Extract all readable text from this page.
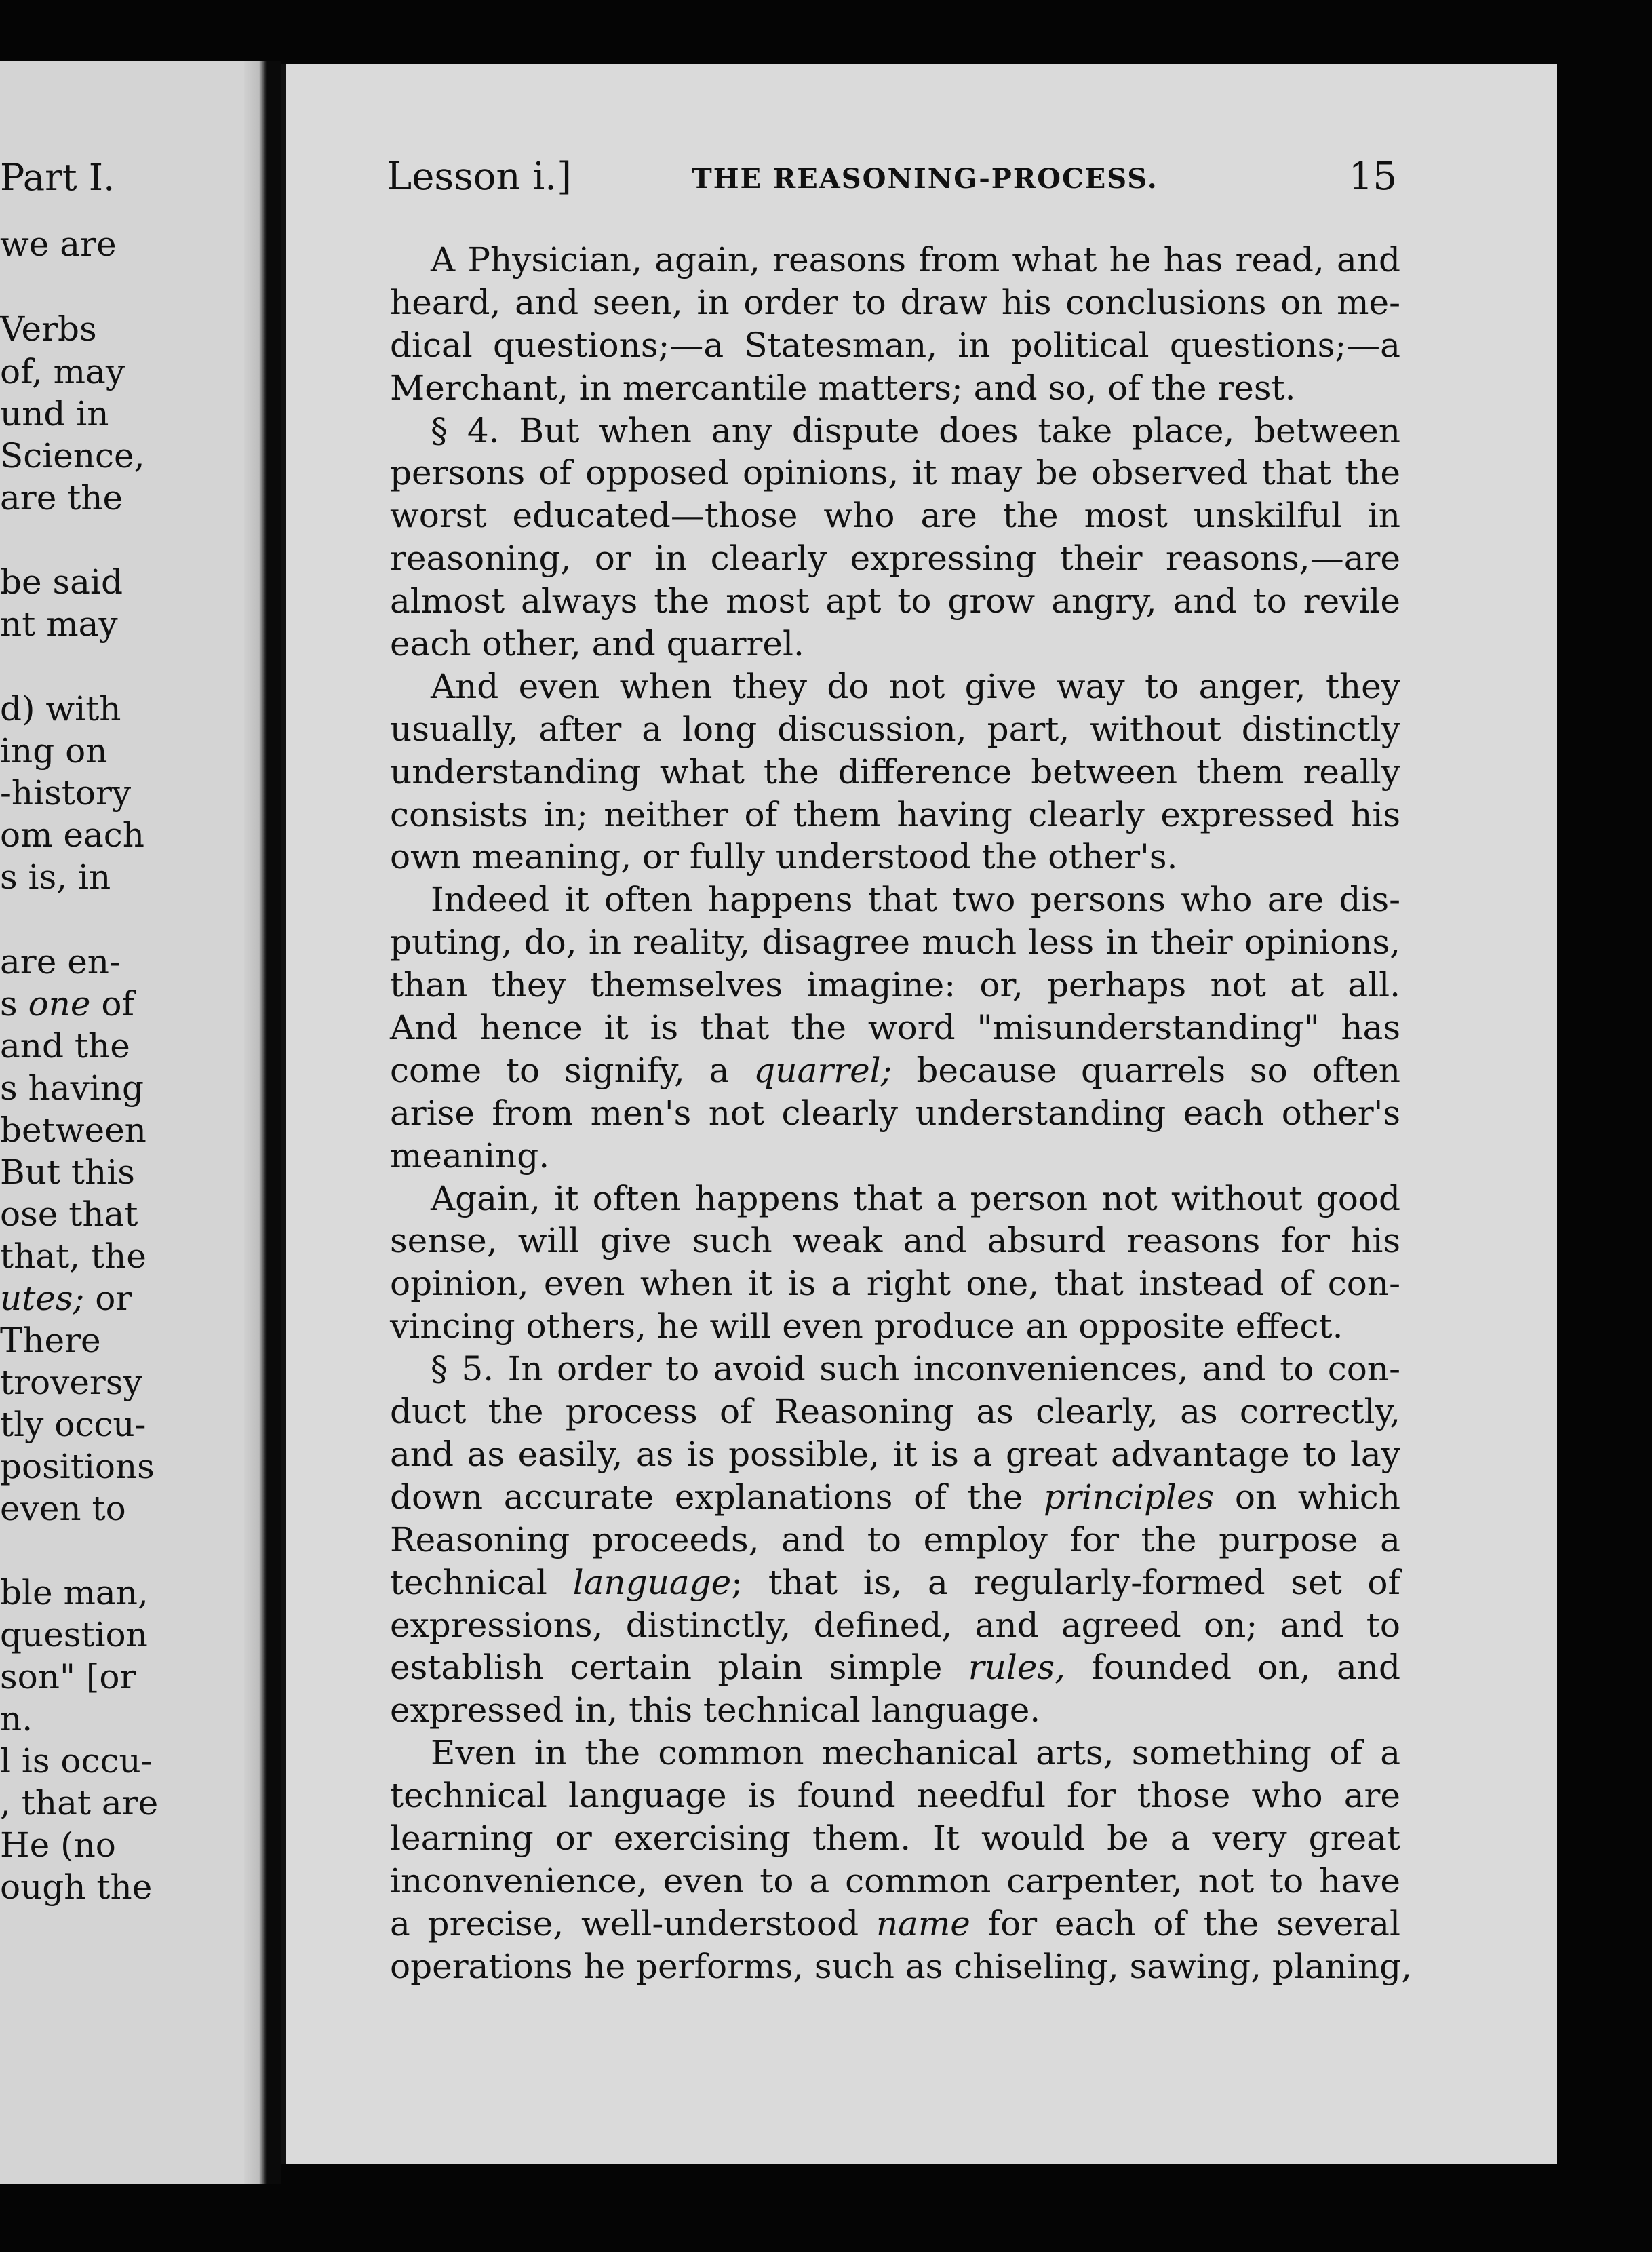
Part I.
we are
Verbs
of, may
und in
Science,
are the
be said
nt may
d) with
ing on
-history
om each
s is, in
are en-
s one of
and the
s having
between
But this
ose that
that, the
utes; or
There
troversy
tly occu-
positions
even to
ble man,
question
son" [or
n.
l is occu-
, that are
He (no
ough the
Lesson i.]	THE REASONING-PROCESS.	15
A Physician, again, reasons from what he has read, and
heard, and seen, in order to draw his conclusions on me-
dical questions;—a Statesman, in political questions;—a
Merchant, in mercantile matters; and so, of the rest.
§ 4. But when any dispute does take place, between
persons of opposed opinions, it may be observed that the
worst educated—those who are the most unskilful in
reasoning, or in clearly expressing their reasons,—are
almost always the most apt to grow angry, and to revile
each other, and quarrel.
And even when they do not give way to anger, they
usually, after a long discussion, part, without distinctly
understanding what the difference between them really
consists in; neither of them having clearly expressed his
own meaning, or fully understood the other's.
Indeed it often happens that two persons who are dis-
puting, do, in reality, disagree much less in their opinions,
than they themselves imagine: or, perhaps not at all.
And hence it is that the word "misunderstanding" has
come to signify, a quarrel; because quarrels so often
arise from men's not clearly understanding each other's
meaning.
Again, it often happens that a person not without good
sense, will give such weak and absurd reasons for his
opinion, even when it is a right one, that instead of con-
vincing others, he will even produce an opposite effect.
§ 5. In order to avoid such inconveniences, and to con-
duct the process of Reasoning as clearly, as correctly,
and as easily, as is possible, it is a great advantage to lay
down accurate explanations of the principles on which
Reasoning proceeds, and to employ for the purpose a
technical language; that is, a regularly-formed set of
expressions, distinctly, defined, and agreed on; and to
establish certain plain simple rules, founded on, and
expressed in, this technical language.
Even in the common mechanical arts, something of a
technical language is found needful for those who are
learning or exercising them. It would be a very great
inconvenience, even to a common carpenter, not to have
a precise, well-understood name for each of the several
operations he performs, such as chiseling, sawing, planing,
